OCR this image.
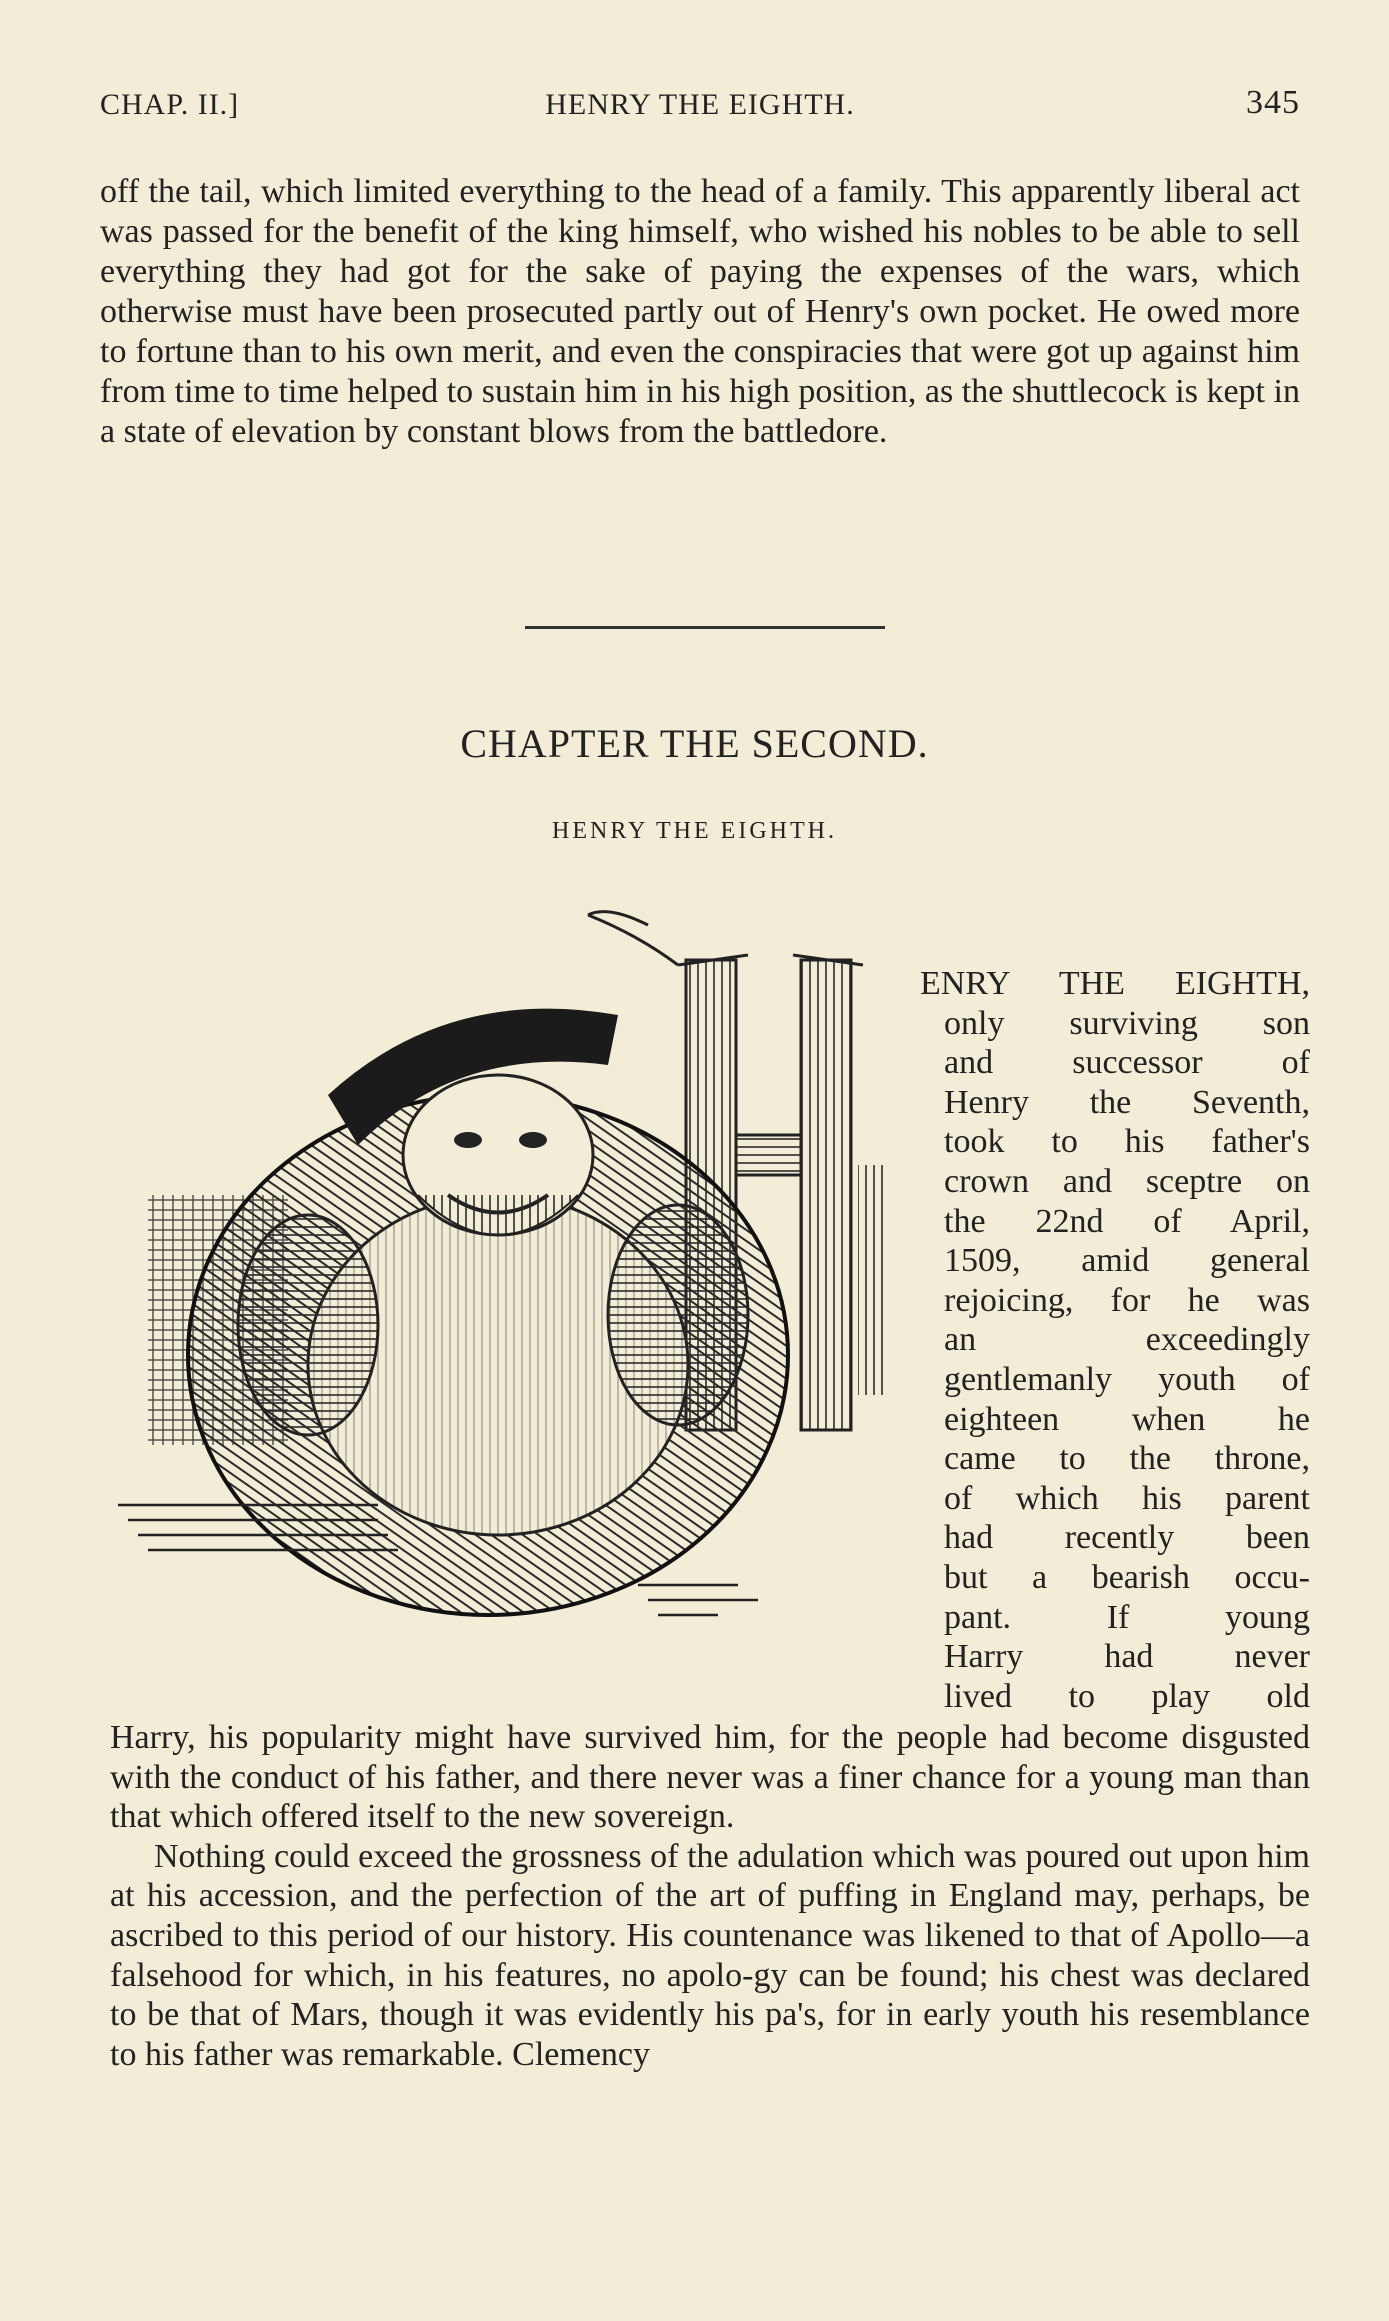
CHAP. II.]	HENRY THE EIGHTH.	345

off the tail, which limited everything to the head of a family. This apparently liberal act was passed for the benefit of the king himself, who wished his nobles to be able to sell everything they had got for the sake of paying the expenses of the wars, which otherwise must have been prosecuted partly out of Henry's own pocket. He owed more to fortune than to his own merit, and even the conspiracies that were got up against him from time to time helped to sustain him in his high position, as the shuttlecock is kept in a state of elevation by constant blows from the battledore.

CHAPTER THE SECOND.
HENRY THE EIGHTH.
ENRY THE EIGHTH,
only surviving son
and successor of
Henry the Seventh,
took to his father's
crown and sceptre on
the 22nd of April,
1509, amid general
rejoicing, for he was
an exceedingly
gentlemanly youth of
eighteen when he
came to the throne,
of which his parent
had recently been
but a bearish occu-
pant. If young
Harry had never
lived to play old

Harry, his popularity might have survived him, for the people had become disgusted with the conduct of his father, and there never was a finer chance for a young man than that which offered itself to the new sovereign.

Nothing could exceed the grossness of the adulation which was poured out upon him at his accession, and the perfection of the art of puffing in England may, perhaps, be ascribed to this period of our history. His countenance was likened to that of Apollo—a falsehood for which, in his features, no apolo-gy can be found; his chest was declared to be that of Mars, though it was evidently his pa's, for in early youth his resemblance to his father was remarkable. Clemency
